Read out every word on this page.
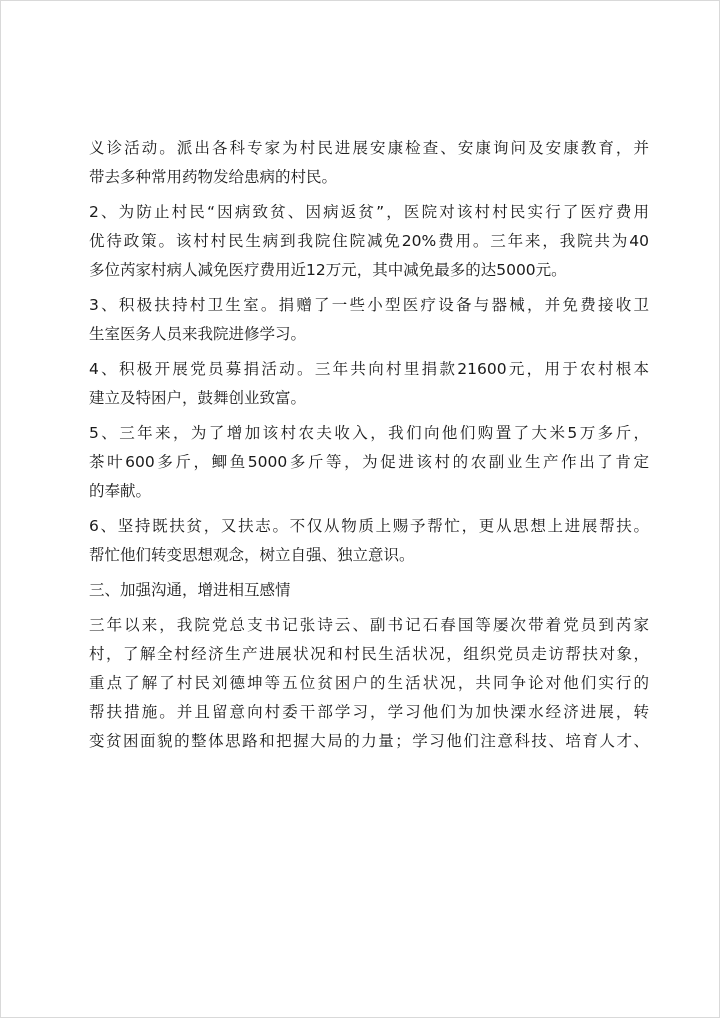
义诊活动。派出各科专家为村民进展安康检查、安康询问及安康教育，并
带去多种常用药物发给患病的村民。
2、为防止村民“因病致贫、因病返贫”，医院对该村村民实行了医疗费用
优待政策。该村村民生病到我院住院减免20%费用。三年来，我院共为40
多位芮家村病人减免医疗费用近12万元，其中减免最多的达5000元。
3、积极扶持村卫生室。捐赠了一些小型医疗设备与器械，并免费接收卫
生室医务人员来我院进修学习。
4、积极开展党员募捐活动。三年共向村里捐款21600元，用于农村根本
建立及特困户，鼓舞创业致富。
5、三年来，为了增加该村农夫收入，我们向他们购置了大米5万多斤，
茶叶600多斤，鲫鱼5000多斤等，为促进该村的农副业生产作出了肯定
的奉献。
6、坚持既扶贫，又扶志。不仅从物质上赐予帮忙，更从思想上进展帮扶。
帮忙他们转变思想观念，树立自强、独立意识。
三、加强沟通，增进相互感情
三年以来，我院党总支书记张诗云、副书记石春国等屡次带着党员到芮家
村，了解全村经济生产进展状况和村民生活状况，组织党员走访帮扶对象，
重点了解了村民刘德坤等五位贫困户的生活状况，共同争论对他们实行的
帮扶措施。并且留意向村委干部学习，学习他们为加快溧水经济进展，转
变贫困面貌的整体思路和把握大局的力量；学习他们注意科技、培育人才、
